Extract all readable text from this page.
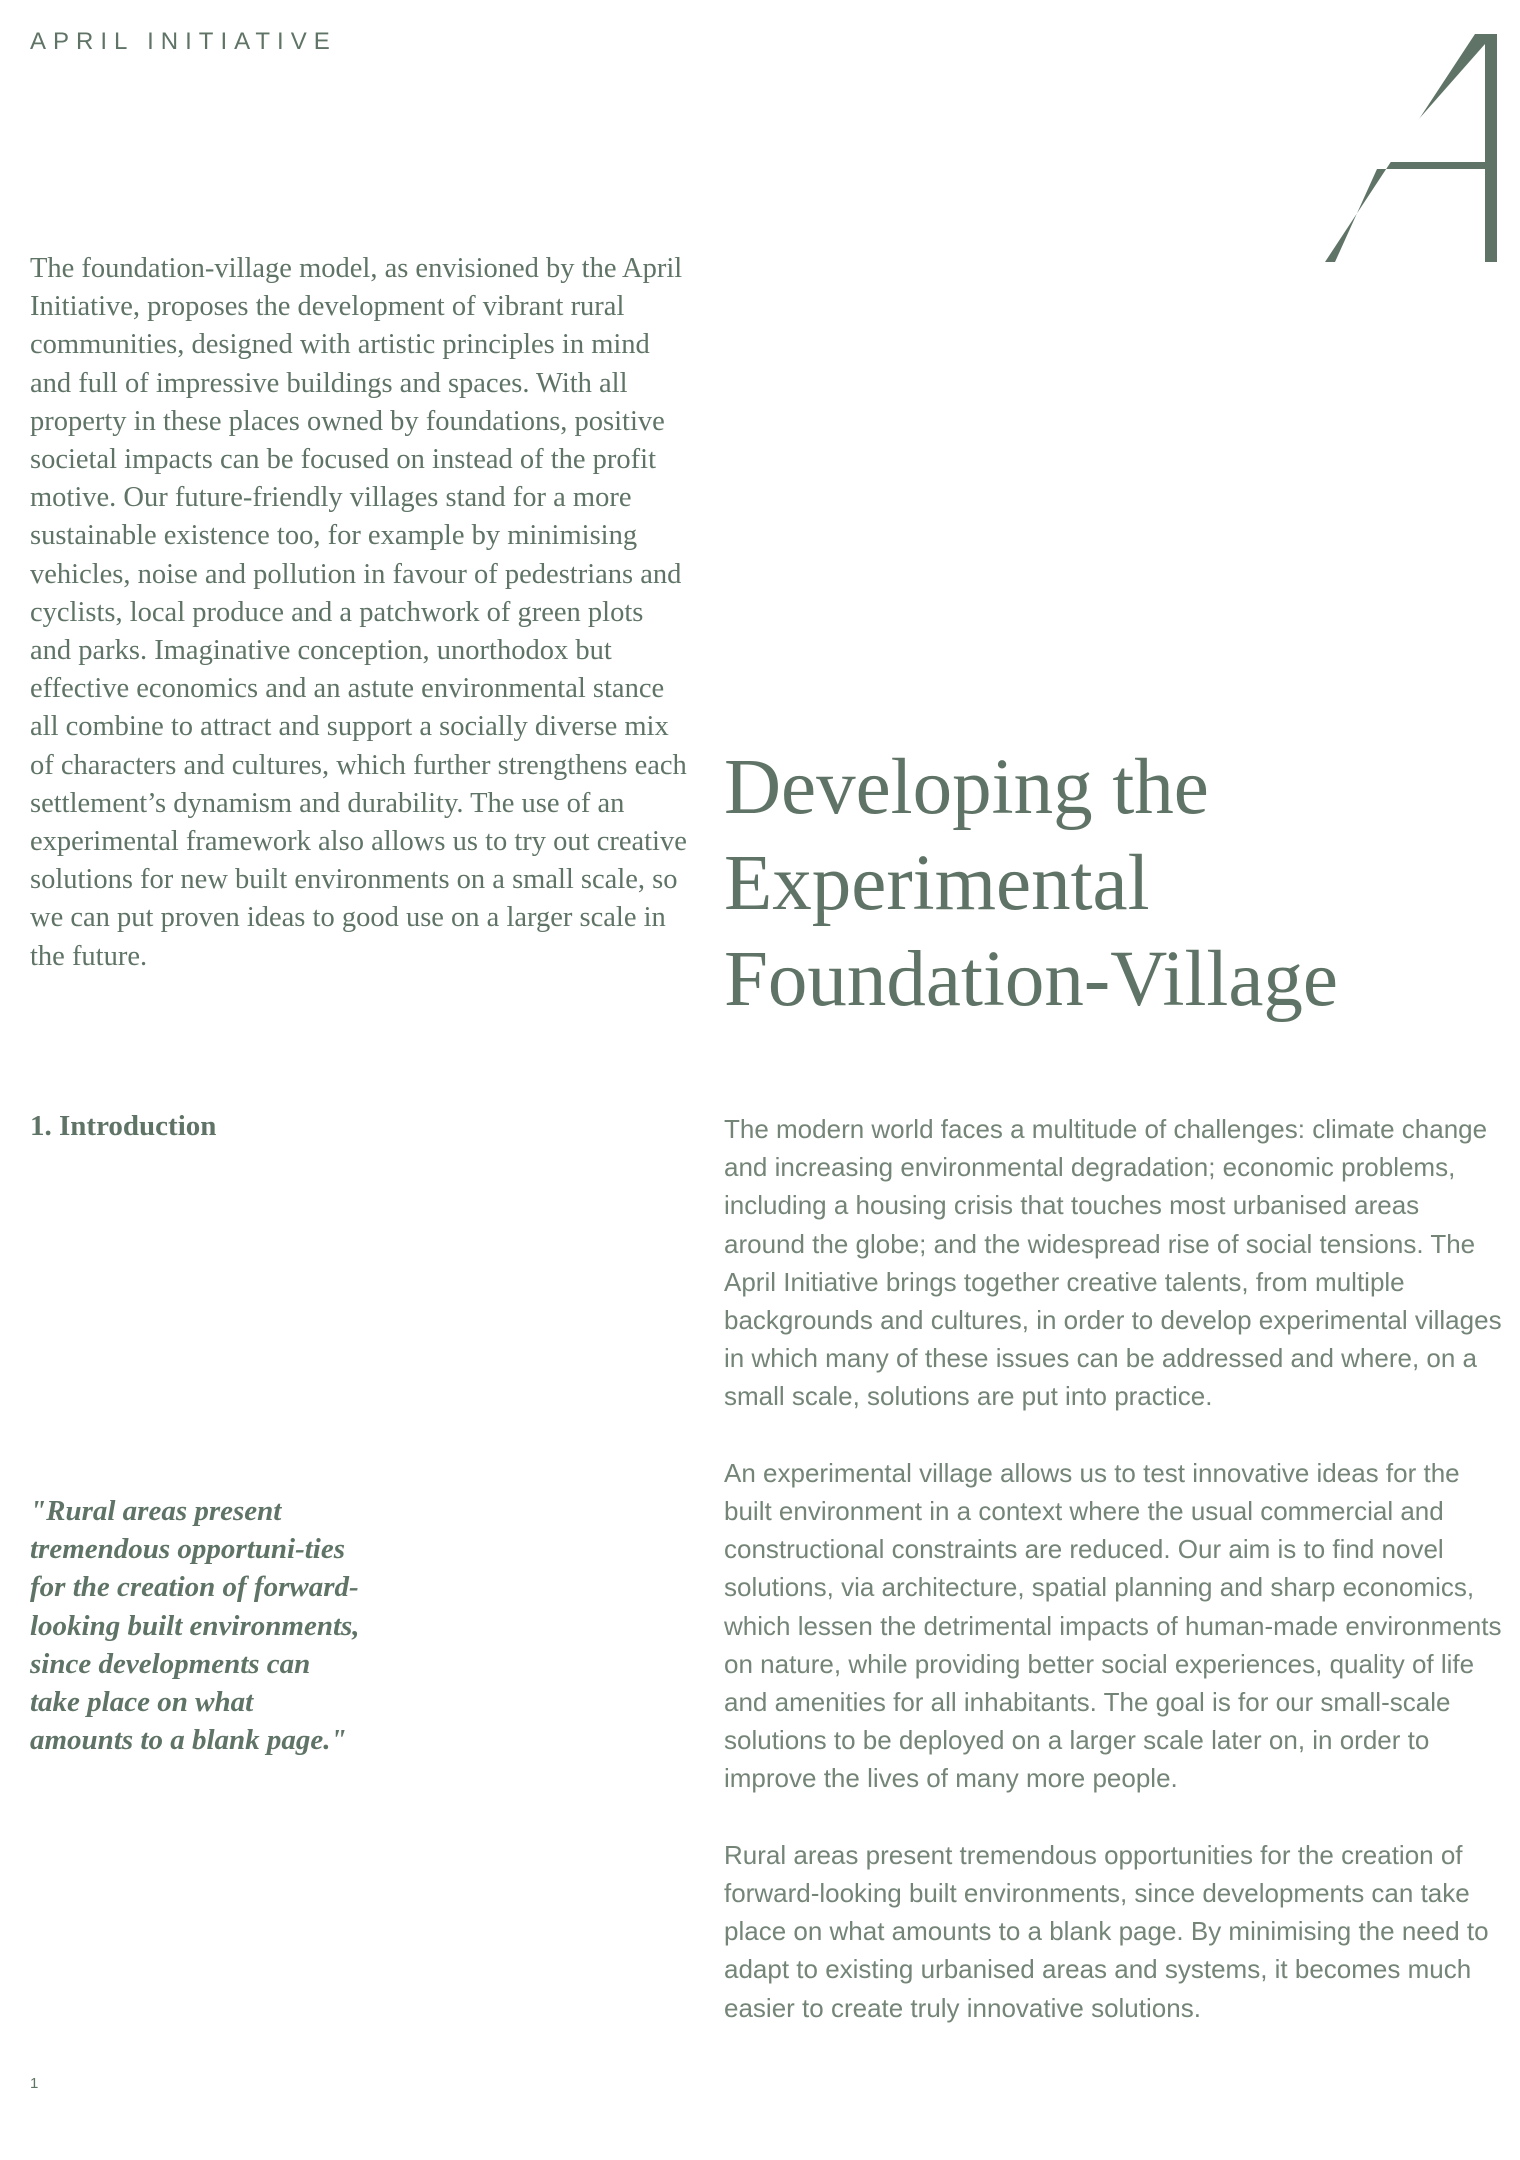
APRIL INITIATIVE

The foundation-village model, as envisioned by the April Initiative, proposes the development of vibrant rural communities, designed with artistic principles in mind and full of impressive buildings and spaces. With all property in these places owned by foundations, positive societal impacts can be focused on instead of the profit motive. Our future-friendly villages stand for a more sustainable existence too, for example by minimising vehicles, noise and pollution in favour of pedestrians and cyclists, local produce and a patchwork of green plots and parks. Imaginative conception, unorthodox but effective economics and an astute environmental stance all combine to attract and support a socially diverse mix of characters and cultures, which further strengthens each settlement’s dynamism and durability. The use of an experimental framework also allows us to try out creative solutions for new built environments on a small scale, so we can put proven ideas to good use on a larger scale in the future.

Developing the
Experimental
Foundation-Village
1. Introduction	The modern world faces a multitude of challenges: climate change and increasing environmental degradation; economic problems, including a housing crisis that touches most urbanised areas around the globe; and the widespread rise of social tensions. The April Initiative brings together creative talents, from multiple backgrounds and cultures, in order to develop experimental villages in which many of these issues can be addressed and where, on a small scale, solutions are put into practice.

An experimental village allows us to test innovative ideas for the built environment in a context where the usual commercial and constructional constraints are reduced. Our aim is to find novel solutions, via architecture, spatial planning and sharp economics, which lessen the detrimental impacts of human-made environments on nature, while providing better social experiences, quality of life and amenities for all inhabitants. The goal is for our small-scale solutions to be deployed on a larger scale later on, in order to improve the lives of many more people.

Rural areas present tremendous opportunities for the creation of forward-looking built environments, since developments can take place on what amounts to a blank page. By minimising the need to adapt to existing urbanised areas and systems, it becomes much easier to create truly innovative solutions.

"Rural areas present tremendous opportuni-ties for the creation of forward-looking built environments, since developments can take place on what amounts to a blank page."

1
